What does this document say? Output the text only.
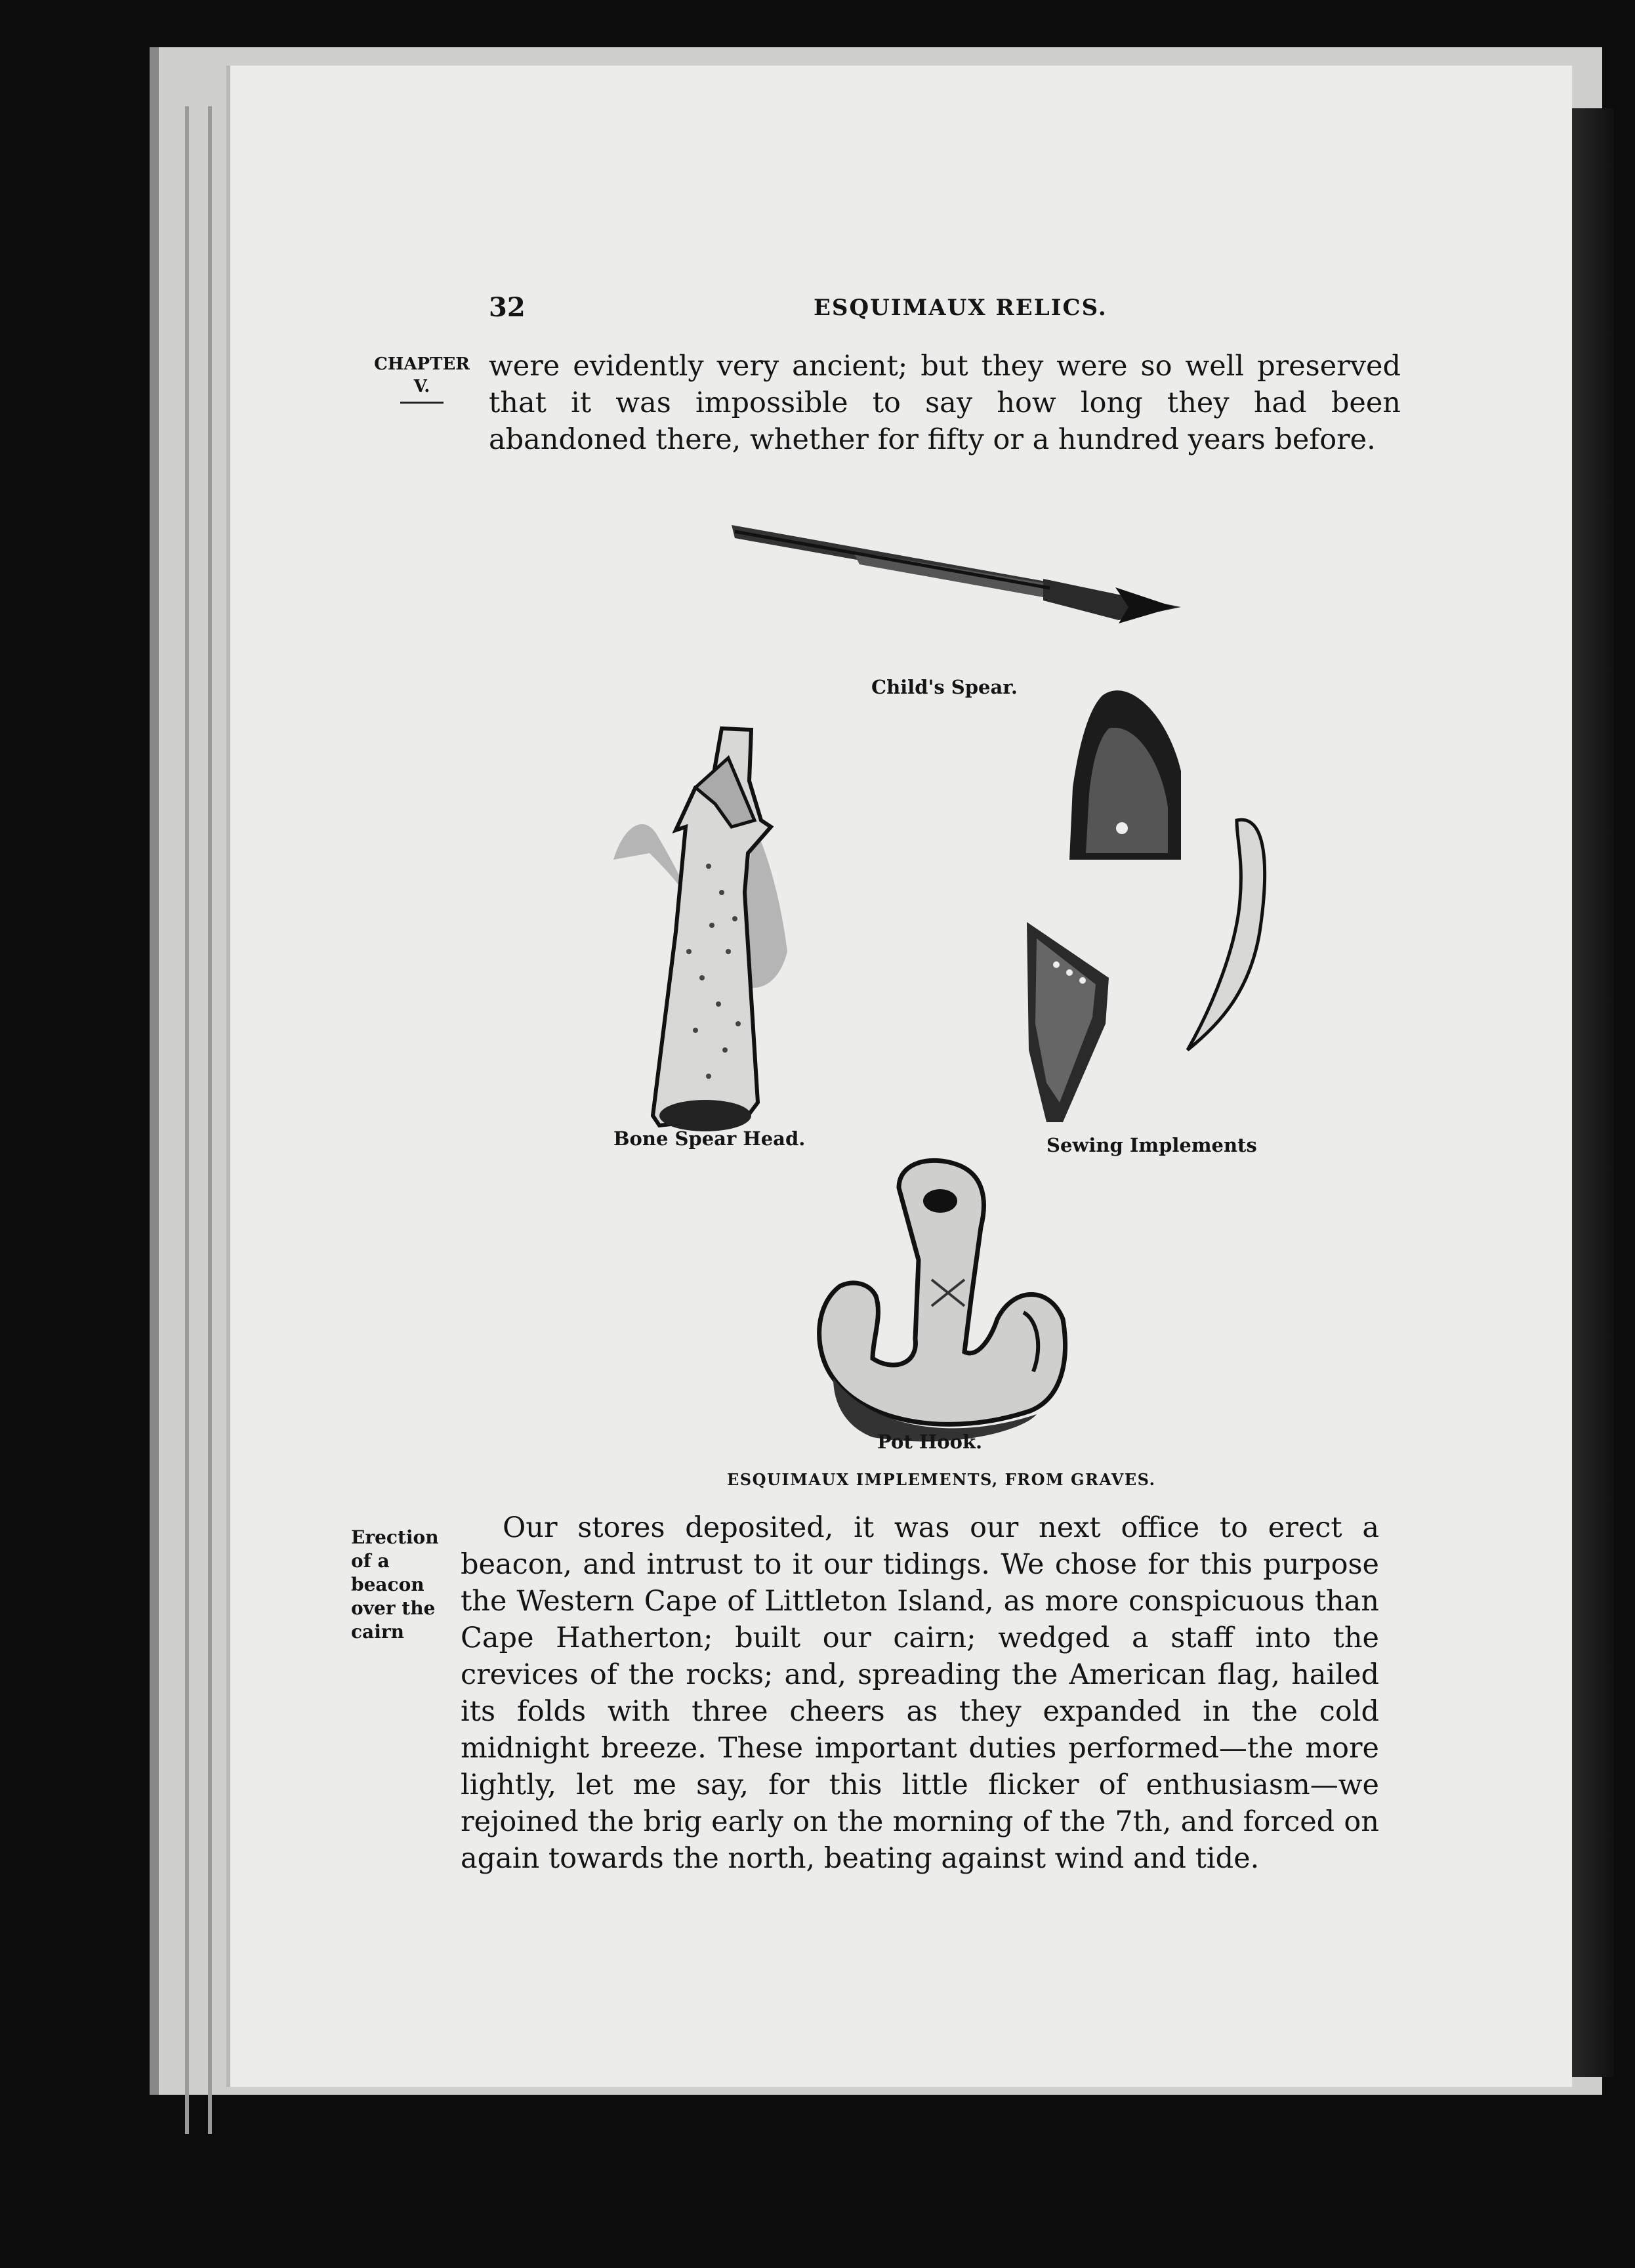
32	ESQUIMAUX RELICS.
CHAPTER
V.

were evidently very ancient; but they were so well preserved that it was impossible to say how long they had been abandoned there, whether for fifty or a hundred years before.

Child's Spear.
Bone Spear Head.	Sewing Implements
Pot Hook.
ESQUIMAUX IMPLEMENTS, FROM GRAVES.
Erection of a beacon over the cairn

Our stores deposited, it was our next office to erect a beacon, and intrust to it our tidings. We chose for this purpose the Western Cape of Littleton Island, as more conspicuous than Cape Hatherton; built our cairn; wedged a staff into the crevices of the rocks; and, spreading the American flag, hailed its folds with three cheers as they expanded in the cold midnight breeze. These important duties performed—the more lightly, let me say, for this little flicker of enthusiasm—we rejoined the brig early on the morning of the 7th, and forced on again towards the north, beating against wind and tide.
